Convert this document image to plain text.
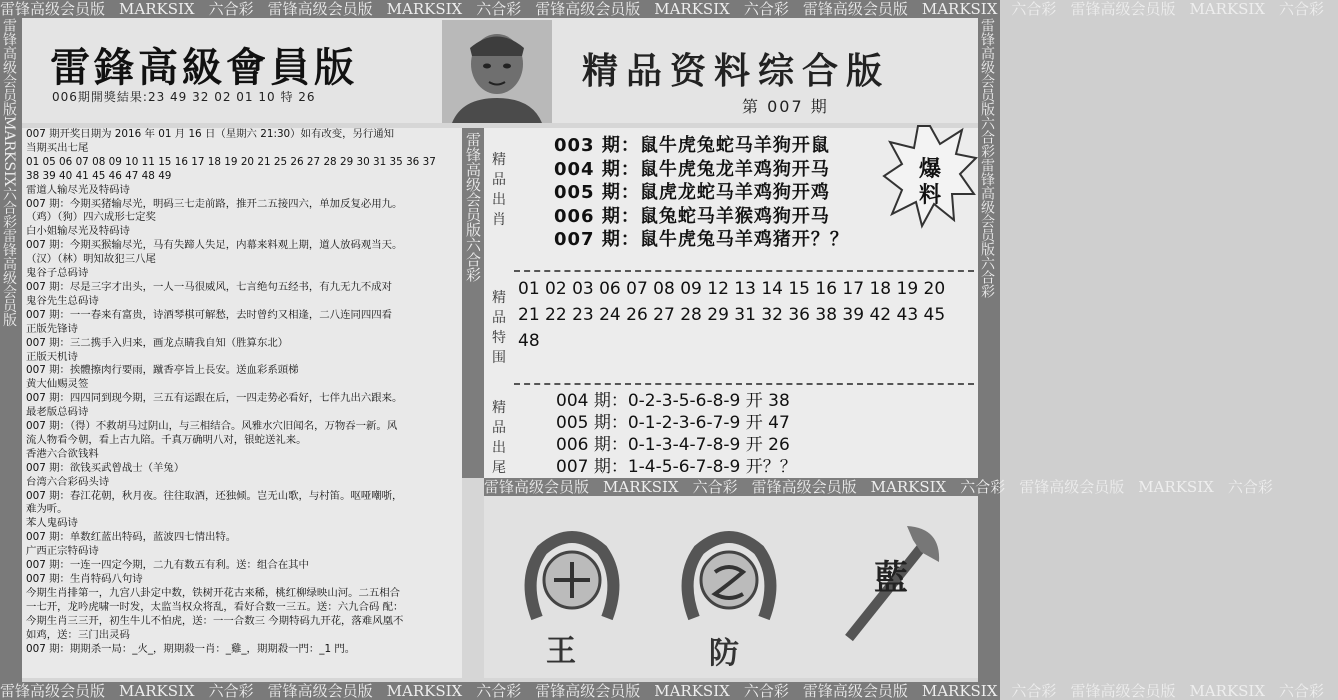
雷锋高级会员版 MARKSIX 六合彩 雷锋高级会员版 MARKSIX 六合彩 雷锋高级会员版 MARKSIX 六合彩 雷锋高级会员版 MARKSIX 六合彩 雷锋高级会员版 MARKSIX 六合彩
雷锋高级会员版 MARKSIX 六合彩 雷锋高级会员版 MARKSIX 六合彩 雷锋高级会员版 MARKSIX 六合彩 雷锋高级会员版 MARKSIX 六合彩 雷锋高级会员版 MARKSIX 六合彩
雷锋高级会员版MARKSIX六合彩雷锋高级会员版	雷锋高级会员版六合彩雷锋高级会员版六合彩
雷鋒高級會員版
006期開獎結果:23 49 32 02 01 10 特 26
精品资料综合版
第 007 期
007 期开奖日期为 2016 年 01 月 16 日（星期六 21:30）如有改变，另行通知
当期买出七尾
01 05 06 07 08 09 10 11 15 16 17 18 19 20 21 25 26 27 28 29 30 31 35 36 37
38 39 40 41 45 46 47 48 49
雷道人输尽光及特码诗
007 期：今期买猪输尽光，明码三七走前路，推开二五接四六，单加反复必用九。
（鸡）（狗）四六成形七定奖
白小姐输尽光及特码诗
007 期：今期买猴输尽光，马有失蹄人失足，内幕来料观上期，道人放码观当天。
（汉）（林）明知故犯三八尾
鬼谷子总码诗
007 期：尽是三字才出头，一人一马很威风，七言绝句五经书，有九无九不成对
鬼谷先生总码诗
007 期：一一春来有富贵，诗酒琴棋可解愁，去时曾约又相逢，二八连同四四看
正版先锋诗
007 期：三二携手入归来，画龙点睛我自知（胜算东北）
正版天机诗
007 期：挨體擦肉行要雨，蹴香亭旨上長安。送血彩系頭梯
黄大仙赐灵签
007 期：四四同到现今期，三五有运跟在后，一四走势必看好，七伴九出六跟来。
最老版总码诗
007 期：（得）不救胡马过阴山，与三相结合。风雅水穴旧闻名，万物吞一新。风
流人物看今朝，看上古九陪。千真万确明八对，银蛇送礼来。
香港六合欲钱料
007 期：欲钱买武曾战士（羊兔）
台湾六合彩码头诗
007 期：春江花朝，秋月夜。往往取酒，还独倾。岂无山歌，与村笛。呕哑嘲哳，
难为听。
苯人鬼码诗
007 期：单数红蓝出特码，蓝波四七情出特。
广西正宗特码诗
007 期：一连一四定今期，二九有数五有利。送：组合在其中
007 期：生肖特码八句诗
今期生肖排第一，九宫八卦定中数，铁树开花古来稀，桃红柳绿映山河。二五相合
一七开，龙吟虎啸一时发，太监当权众将乱，看好合数一三五。送：六九合码 配：
今期生肖三三开，初生牛儿不怕虎，送：一一合数三 今期特码九开花，落难风凰不
如鸡，送：三门出灵码
007 期：期期杀一局：_火_，期期殺一肖：_雞_，期期殺一門：_1 門。
雷锋高级会员版六合彩 精
品
出
肖
003 期：鼠牛虎兔蛇马羊狗开鼠
004 期：鼠牛虎兔龙羊鸡狗开马
005 期：鼠虎龙蛇马羊鸡狗开鸡
006 期：鼠兔蛇马羊猴鸡狗开马
007 期：鼠牛虎兔马羊鸡猪开？？
爆料
精
品
特
围
01 02 03 06 07 08 09 12 13 14 15 16 17 18 19 20
21 22 23 24 26 27 28 29 31 32 36 38 39 42 43 45
48
精
品
出
尾
004 期：0-2-3-5-6-8-9 开 38
005 期：0-1-2-3-6-7-9 开 47
006 期：0-1-3-4-7-8-9 开 26
007 期：1-4-5-6-7-8-9 开？？
雷锋高级会员版 MARKSIX 六合彩 雷锋高级会员版 MARKSIX 六合彩 雷锋高级会员版 MARKSIX 六合彩
王	防
藍
